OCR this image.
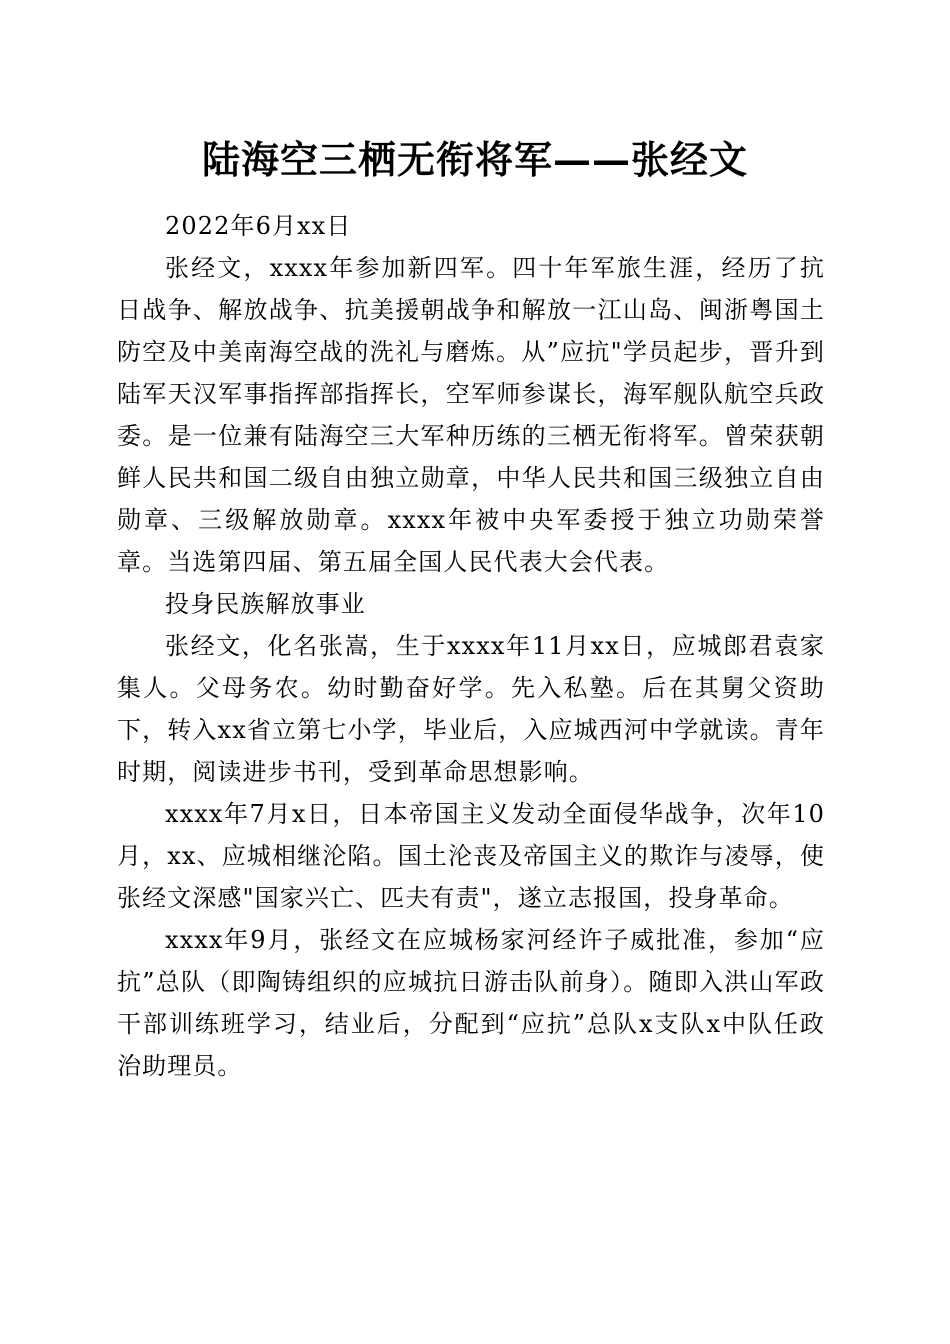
陆海空三栖无衔将军——张经文

2022年6月xx日

张经文，xxxx年参加新四军。四十年军旅生涯，经历了抗日战争、解放战争、抗美援朝战争和解放一江山岛、闽浙粤国土防空及中美南海空战的洗礼与磨炼。从”应抗"学员起步，晋升到陆军天汉军事指挥部指挥长，空军师参谋长，海军舰队航空兵政委。是一位兼有陆海空三大军种历练的三栖无衔将军。曾荣获朝鲜人民共和国二级自由独立勋章，中华人民共和国三级独立自由勋章、三级解放勋章。xxxx年被中央军委授于独立功勋荣誉章。当选第四届、第五届全国人民代表大会代表。

投身民族解放事业

张经文，化名张嵩，生于xxxx年11月xx日，应城郎君袁家集人。父母务农。幼时勤奋好学。先入私塾。后在其舅父资助下，转入xx省立第七小学，毕业后，入应城西河中学就读。青年时期，阅读进步书刊，受到革命思想影响。

xxxx年7月x日，日本帝国主义发动全面侵华战争，次年10月，xx、应城相继沦陷。国土沦丧及帝国主义的欺诈与凌辱，使张经文深感"国家兴亡、匹夫有责"，遂立志报国，投身革命。

xxxx年9月，张经文在应城杨家河经许子威批准，参加“应抗”总队（即陶铸组织的应城抗日游击队前身）。随即入洪山军政干部训练班学习，结业后，分配到“应抗”总队x支队x中队任政治助理员。
